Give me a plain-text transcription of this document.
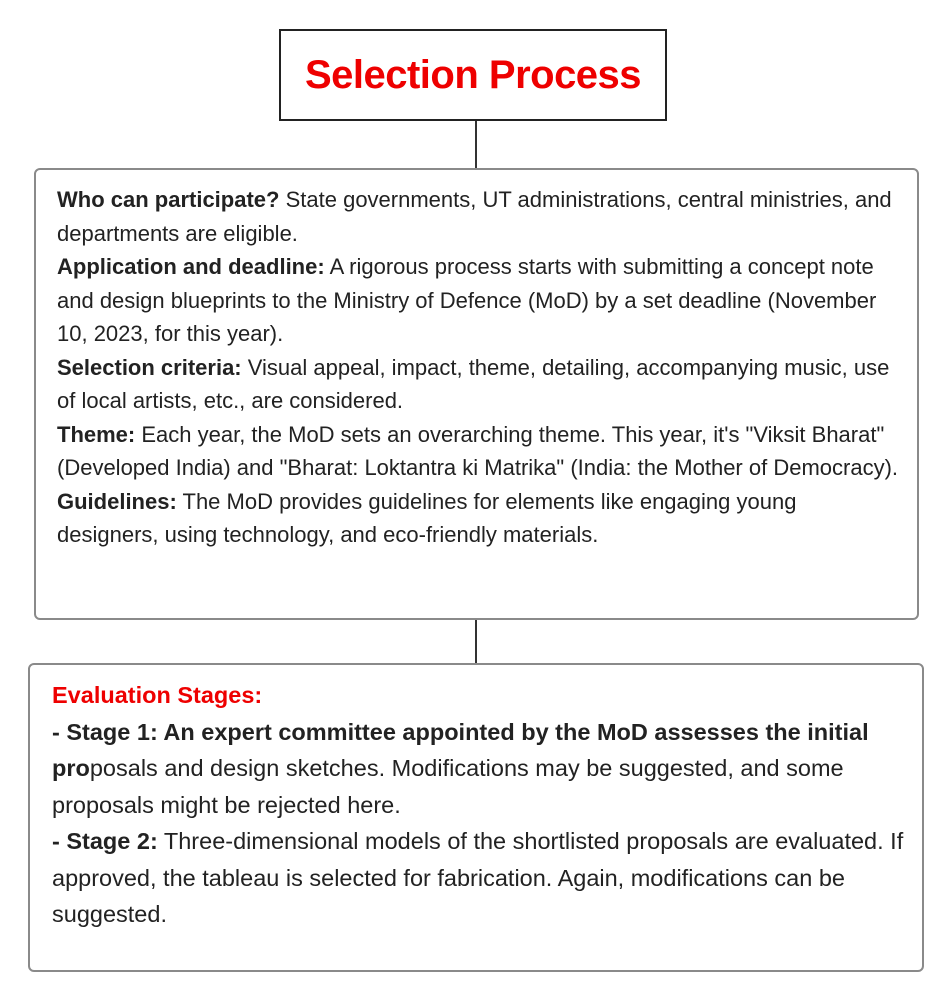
Selection Process

Who can participate? State governments, UT administrations, central ministries, and departments are eligible.

Application and deadline: A rigorous process starts with submitting a concept note and design blueprints to the Ministry of Defence (MoD) by a set deadline (November 10, 2023, for this year).

Selection criteria: Visual appeal, impact, theme, detailing, accompanying music, use of local artists, etc., are considered.

Theme: Each year, the MoD sets an overarching theme. This year, it's "Viksit Bharat" (Developed India) and "Bharat: Loktantra ki Matrika" (India: the Mother of Democracy).

Guidelines: The MoD provides guidelines for elements like engaging young designers, using technology, and eco-friendly materials.

Evaluation Stages:

- Stage 1: An expert committee appointed by the MoD assesses the initial proposals and design sketches. Modifications may be suggested, and some proposals might be rejected here.

- Stage 2: Three-dimensional models of the shortlisted proposals are evaluated. If approved, the tableau is selected for fabrication. Again, modifications can be suggested.
